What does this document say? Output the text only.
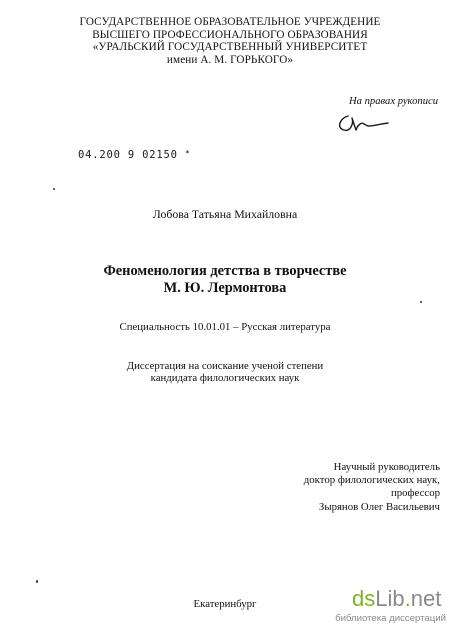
ГОСУДАРСТВЕННОЕ ОБРАЗОВАТЕЛЬНОЕ УЧРЕЖДЕНИЕ
ВЫСШЕГО ПРОФЕССИОНАЛЬНОГО ОБРАЗОВАНИЯ
«УРАЛЬСКИЙ ГОСУДАРСТВЕННЫЙ УНИВЕРСИТЕТ
имени А. М. ГОРЬКОГО»
На правах рукописи
04.200 9 02150 *
Лобова Татьяна Михайловна
Феноменология детства в творчестве
М. Ю. Лермонтова
Специальность 10.01.01 – Русская литература
Диссертация на соискание ученой степени
кандидата филологических наук
Научный руководитель
доктор филологических наук,
профессор
Зырянов Олег Васильевич
Екатеринбург	dsLib.net
библиотека диссертаций
